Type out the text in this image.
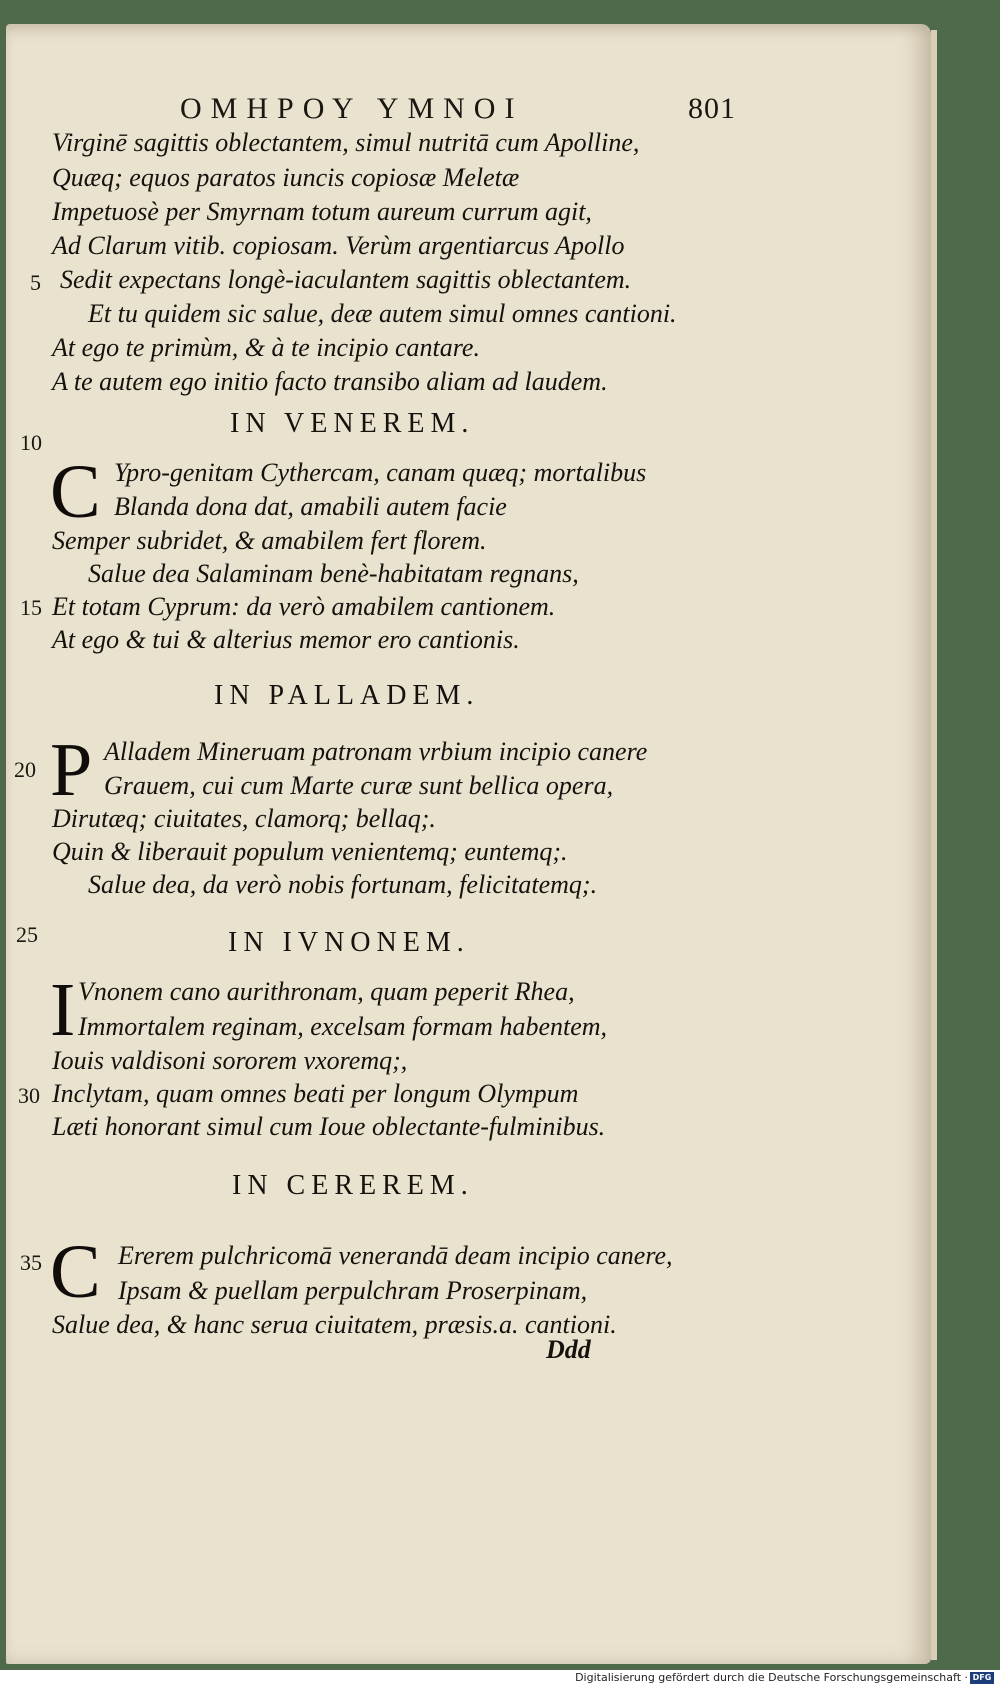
ΟΜΗΡΟΥ ΥΜΝΟΙ	801
Virginē sagittis oblectantem, simul nutritā cum Apolline,
Quæq; equos paratos iuncis copiosæ Meletæ
Impetuosè per Smyrnam totum aureum currum agit,
Ad Clarum vitib. copiosam. Verùm argentiarcus Apollo
Sedit expectans longè-iaculantem sagittis oblectantem.
Et tu quidem sic salue, deæ autem simul omnes cantioni.
At ego te primùm, & à te incipio cantare.
A te autem ego initio facto transibo aliam ad laudem.
IN VENEREM.
C Ypro-genitam Cythercam, canam quæq; mortalibus
Blanda dona dat, amabili autem facie
Semper subridet, & amabilem fert florem.
Salue dea Salaminam benè-habitatam regnans,
Et totam Cyprum: da verò amabilem cantionem.
At ego & tui & alterius memor ero cantionis.
IN PALLADEM.
P Alladem Mineruam patronam vrbium incipio canere
Grauem, cui cum Marte curæ sunt bellica opera,
Dirutæq; ciuitates, clamorq; bellaq;.
Quin & liberauit populum venientemq; euntemq;.
Salue dea, da verò nobis fortunam, felicitatemq;.
IN IVNONEM.
I Vnonem cano aurithronam, quam peperit Rhea,
Immortalem reginam, excelsam formam habentem,
Iouis valdisoni sororem vxoremq;,
Inclytam, quam omnes beati per longum Olympum
Læti honorant simul cum Ioue oblectante-fulminibus.
IN CEREREM.
C Ererem pulchricomā venerandā deam incipio canere,
Ipsam & puellam perpulchram Proserpinam,
Salue dea, & hanc serua ciuitatem, præsis.a. cantioni.
Ddd
5
10
15
20
25
30
35
Digitalisierung gefördert durch die Deutsche Forschungsgemeinschaft · DFG
